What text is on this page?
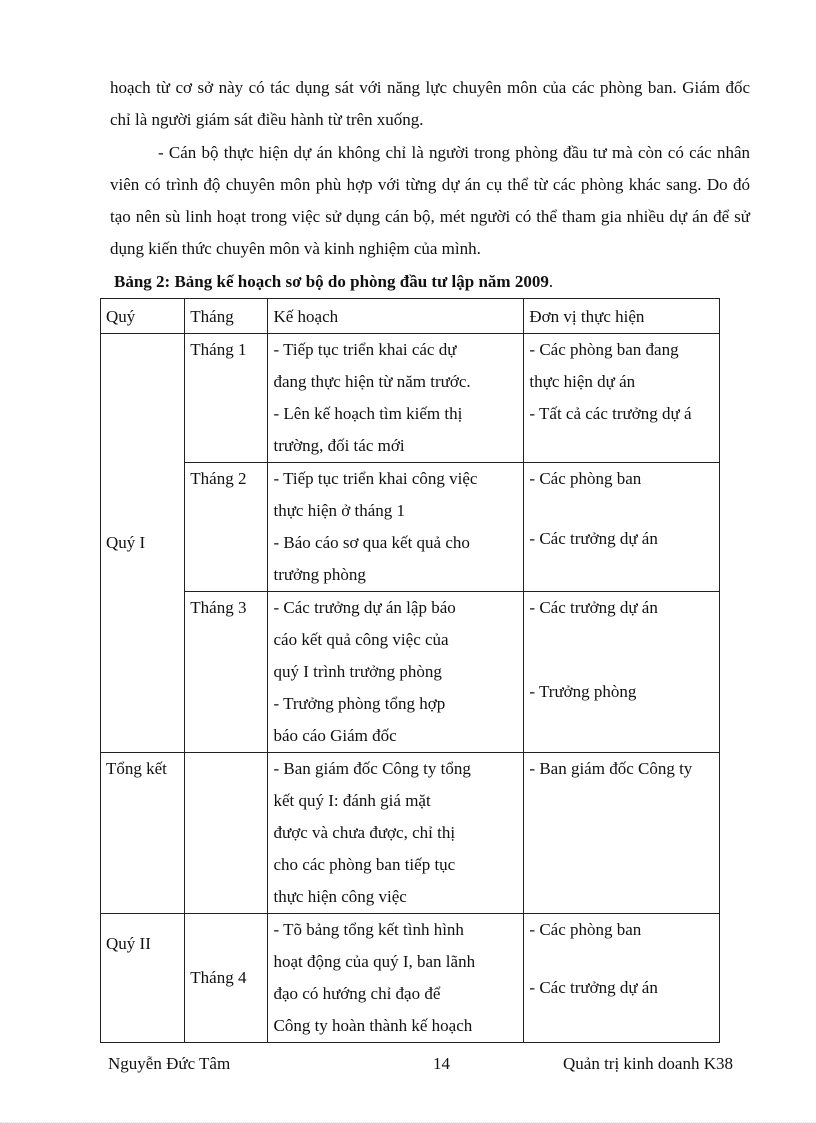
hoạch từ cơ sở này có tác dụng sát với năng lực chuyên môn của các phòng ban. Giám đốc chỉ là người giám sát điều hành từ trên xuống.

- Cán bộ thực hiện dự án không chỉ là người trong phòng đầu tư mà còn có các nhân viên có trình độ chuyên môn phù hợp với từng dự án cụ thể từ các phòng khác sang. Do đó tạo nên sù linh hoạt trong việc sử dụng cán bộ, mét người có thể tham gia nhiều dự án để sử dụng kiến thức chuyên môn và kinh nghiệm của mình.

Bảng 2: Bảng kế hoạch sơ bộ do phòng đầu tư lập năm 2009.

Quý	Tháng	Kế hoạch	Đơn vị thực hiện
Quý I	Tháng 1	- Tiếp tục triển khai các dự
đang thực hiện từ năm trước.
- Lên kế hoạch tìm kiếm thị
trường, đối tác mới	- Các phòng ban đang
thực hiện dự án
- Tất cả các trưởng dự á

	Tháng 2	- Tiếp tục triển khai công việc
thực hiện ở tháng 1
- Báo cáo sơ qua kết quả cho
trưởng phòng	- Các phòng ban
- Các trưởng dự án

	Tháng 3	- Các trưởng dự án lập báo
cáo kết quả công việc của
quý I trình trưởng phòng
- Trưởng phòng tổng hợp
báo cáo Giám đốc	- Các trưởng dự án
- Trưởng phòng

Tổng kết		- Ban giám đốc Công ty tổng
kết quý I: đánh giá mặt
được và chưa được, chỉ thị
cho các phòng ban tiếp tục
thực hiện công việc	- Ban giám đốc Công ty

Quý II	Tháng 4	- Tõ bảng tổng kết tình hình
hoạt động của quý I, ban lãnh
đạo có hướng chỉ đạo để
Công ty hoàn thành kế hoạch	- Các phòng ban
- Các trưởng dự án
Nguyễn Đức Tâm	14	Quản trị kinh doanh K38
